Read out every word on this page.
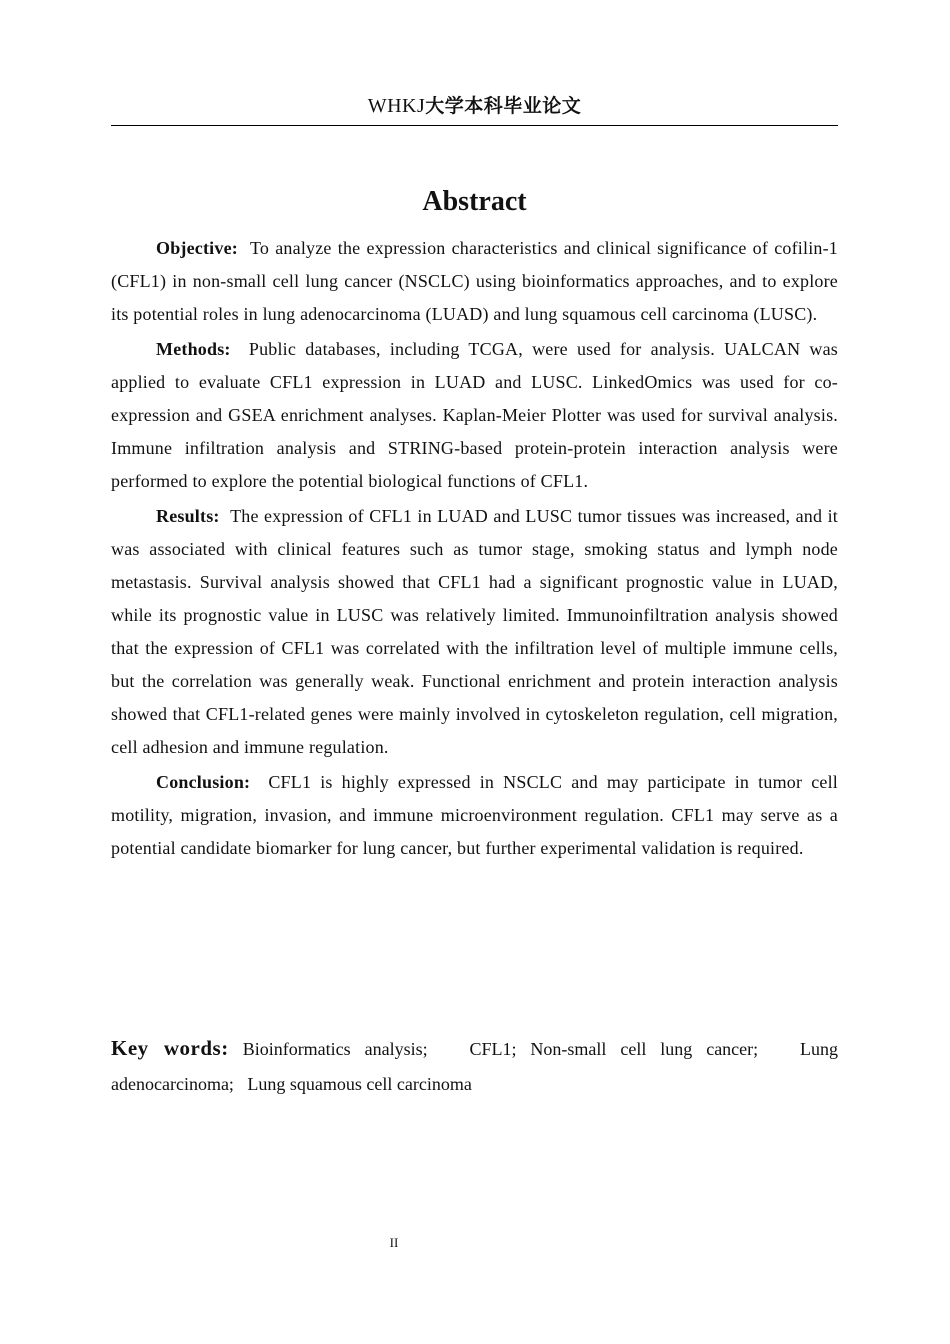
WHKJ大学本科毕业论文
Abstract

Objective: To analyze the expression characteristics and clinical significance of cofilin-1 (CFL1) in non-small cell lung cancer (NSCLC) using bioinformatics approaches, and to explore its potential roles in lung adenocarcinoma (LUAD) and lung squamous cell carcinoma (LUSC).

Methods: Public databases, including TCGA, were used for analysis. UALCAN was applied to evaluate CFL1 expression in LUAD and LUSC. LinkedOmics was used for co-expression and GSEA enrichment analyses. Kaplan-Meier Plotter was used for survival analysis. Immune infiltration analysis and STRING-based protein-protein interaction analysis were performed to explore the potential biological functions of CFL1.

Results: The expression of CFL1 in LUAD and LUSC tumor tissues was increased, and it was associated with clinical features such as tumor stage, smoking status and lymph node metastasis. Survival analysis showed that CFL1 had a significant prognostic value in LUAD, while its prognostic value in LUSC was relatively limited. Immunoinfiltration analysis showed that the expression of CFL1 was correlated with the infiltration level of multiple immune cells, but the correlation was generally weak. Functional enrichment and protein interaction analysis showed that CFL1-related genes were mainly involved in cytoskeleton regulation, cell migration, cell adhesion and immune regulation.

Conclusion: CFL1 is highly expressed in NSCLC and may participate in tumor cell motility, migration, invasion, and immune microenvironment regulation. CFL1 may serve as a potential candidate biomarker for lung cancer, but further experimental validation is required.

Key words: Bioinformatics analysis;   CFL1; Non-small cell lung cancer;   Lung adenocarcinoma;   Lung squamous cell carcinoma
II
